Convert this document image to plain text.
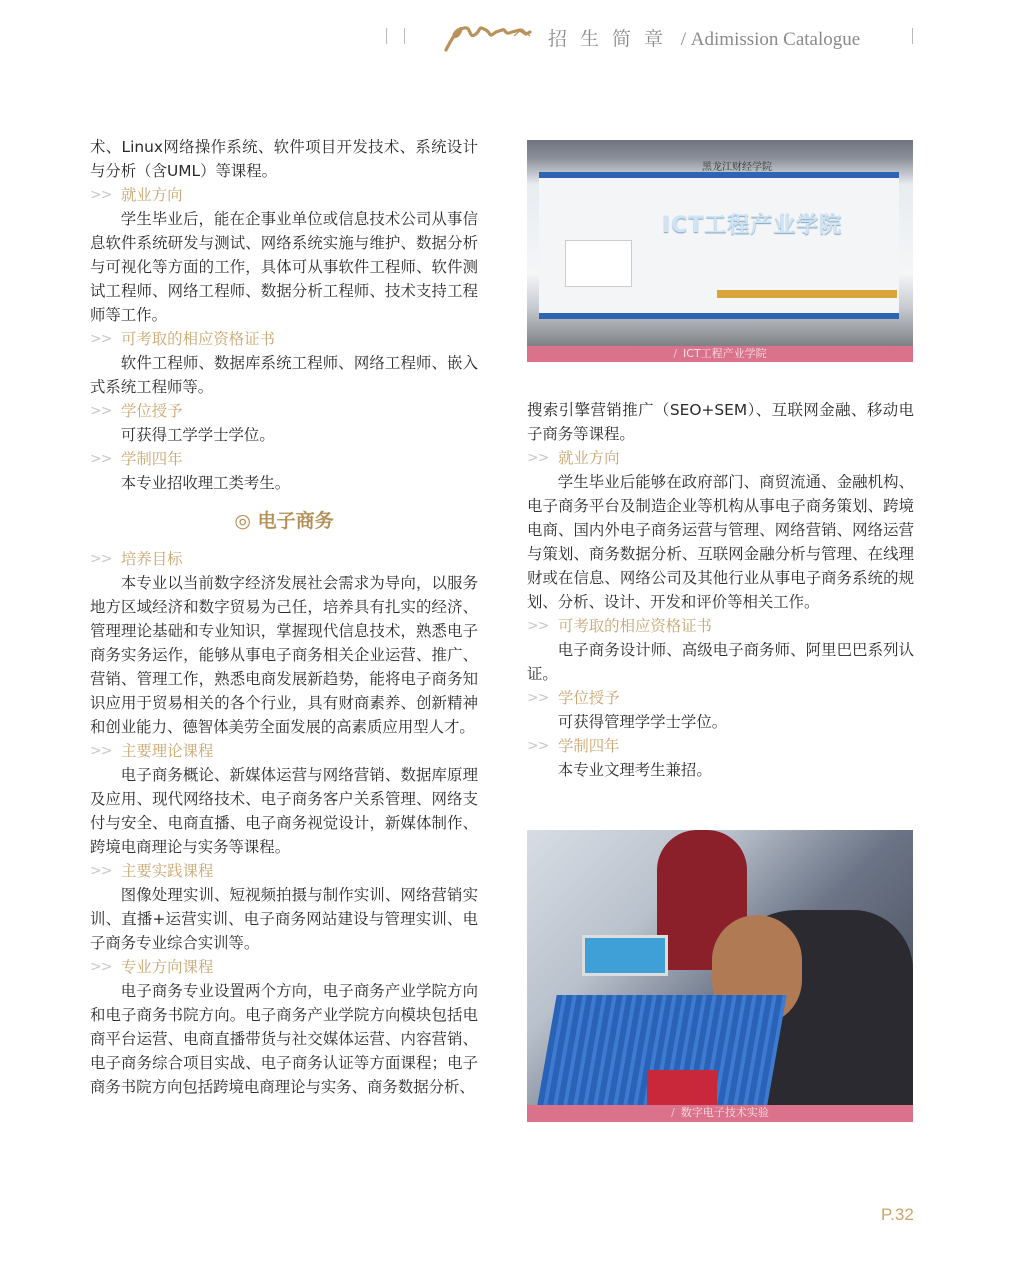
招生简章 / Adimission Catalogue

术、Linux网络操作系统、软件项目开发技术、系统设计与分析（含UML）等课程。

>> 就业方向

学生毕业后，能在企事业单位或信息技术公司从事信息软件系统研发与测试、网络系统实施与维护、数据分析与可视化等方面的工作，具体可从事软件工程师、软件测试工程师、网络工程师、数据分析工程师、技术支持工程师等工作。

>> 可考取的相应资格证书

软件工程师、数据库系统工程师、网络工程师、嵌入式系统工程师等。

>> 学位授予

可获得工学学士学位。

>> 学制四年

本专业招收理工类考生。

◎ 电子商务
>> 培养目标

本专业以当前数字经济发展社会需求为导向，以服务地方区域经济和数字贸易为己任，培养具有扎实的经济、管理理论基础和专业知识，掌握现代信息技术，熟悉电子商务实务运作，能够从事电子商务相关企业运营、推广、营销、管理工作，熟悉电商发展新趋势，能将电子商务知识应用于贸易相关的各个行业，具有财商素养、创新精神和创业能力、德智体美劳全面发展的高素质应用型人才。

>> 主要理论课程

电子商务概论、新媒体运营与网络营销、数据库原理及应用、现代网络技术、电子商务客户关系管理、网络支付与安全、电商直播、电子商务视觉设计，新媒体制作、跨境电商理论与实务等课程。

>> 主要实践课程

图像处理实训、短视频拍摄与制作实训、网络营销实训、直播+运营实训、电子商务网站建设与管理实训、电子商务专业综合实训等。

>> 专业方向课程

电子商务专业设置两个方向，电子商务产业学院方向和电子商务书院方向。电子商务产业学院方向模块包括电商平台运营、电商直播带货与社交媒体运营、内容营销、电子商务综合项目实战、电子商务认证等方面课程；电子商务书院方向包括跨境电商理论与实务、商务数据分析、

黑龙江财经学院
ICT工程产业学院
/ ICT工程产业学院

搜索引擎营销推广（SEO+SEM）、互联网金融、移动电子商务等课程。

>> 就业方向

学生毕业后能够在政府部门、商贸流通、金融机构、电子商务平台及制造企业等机构从事电子商务策划、跨境电商、国内外电子商务运营与管理、网络营销、网络运营与策划、商务数据分析、互联网金融分析与管理、在线理财或在信息、网络公司及其他行业从事电子商务系统的规划、分析、设计、开发和评价等相关工作。

>> 可考取的相应资格证书

电子商务设计师、高级电子商务师、阿里巴巴系列认证。

>> 学位授予

可获得管理学学士学位。

>> 学制四年

本专业文理考生兼招。

/ 数字电子技术实验
P.32
